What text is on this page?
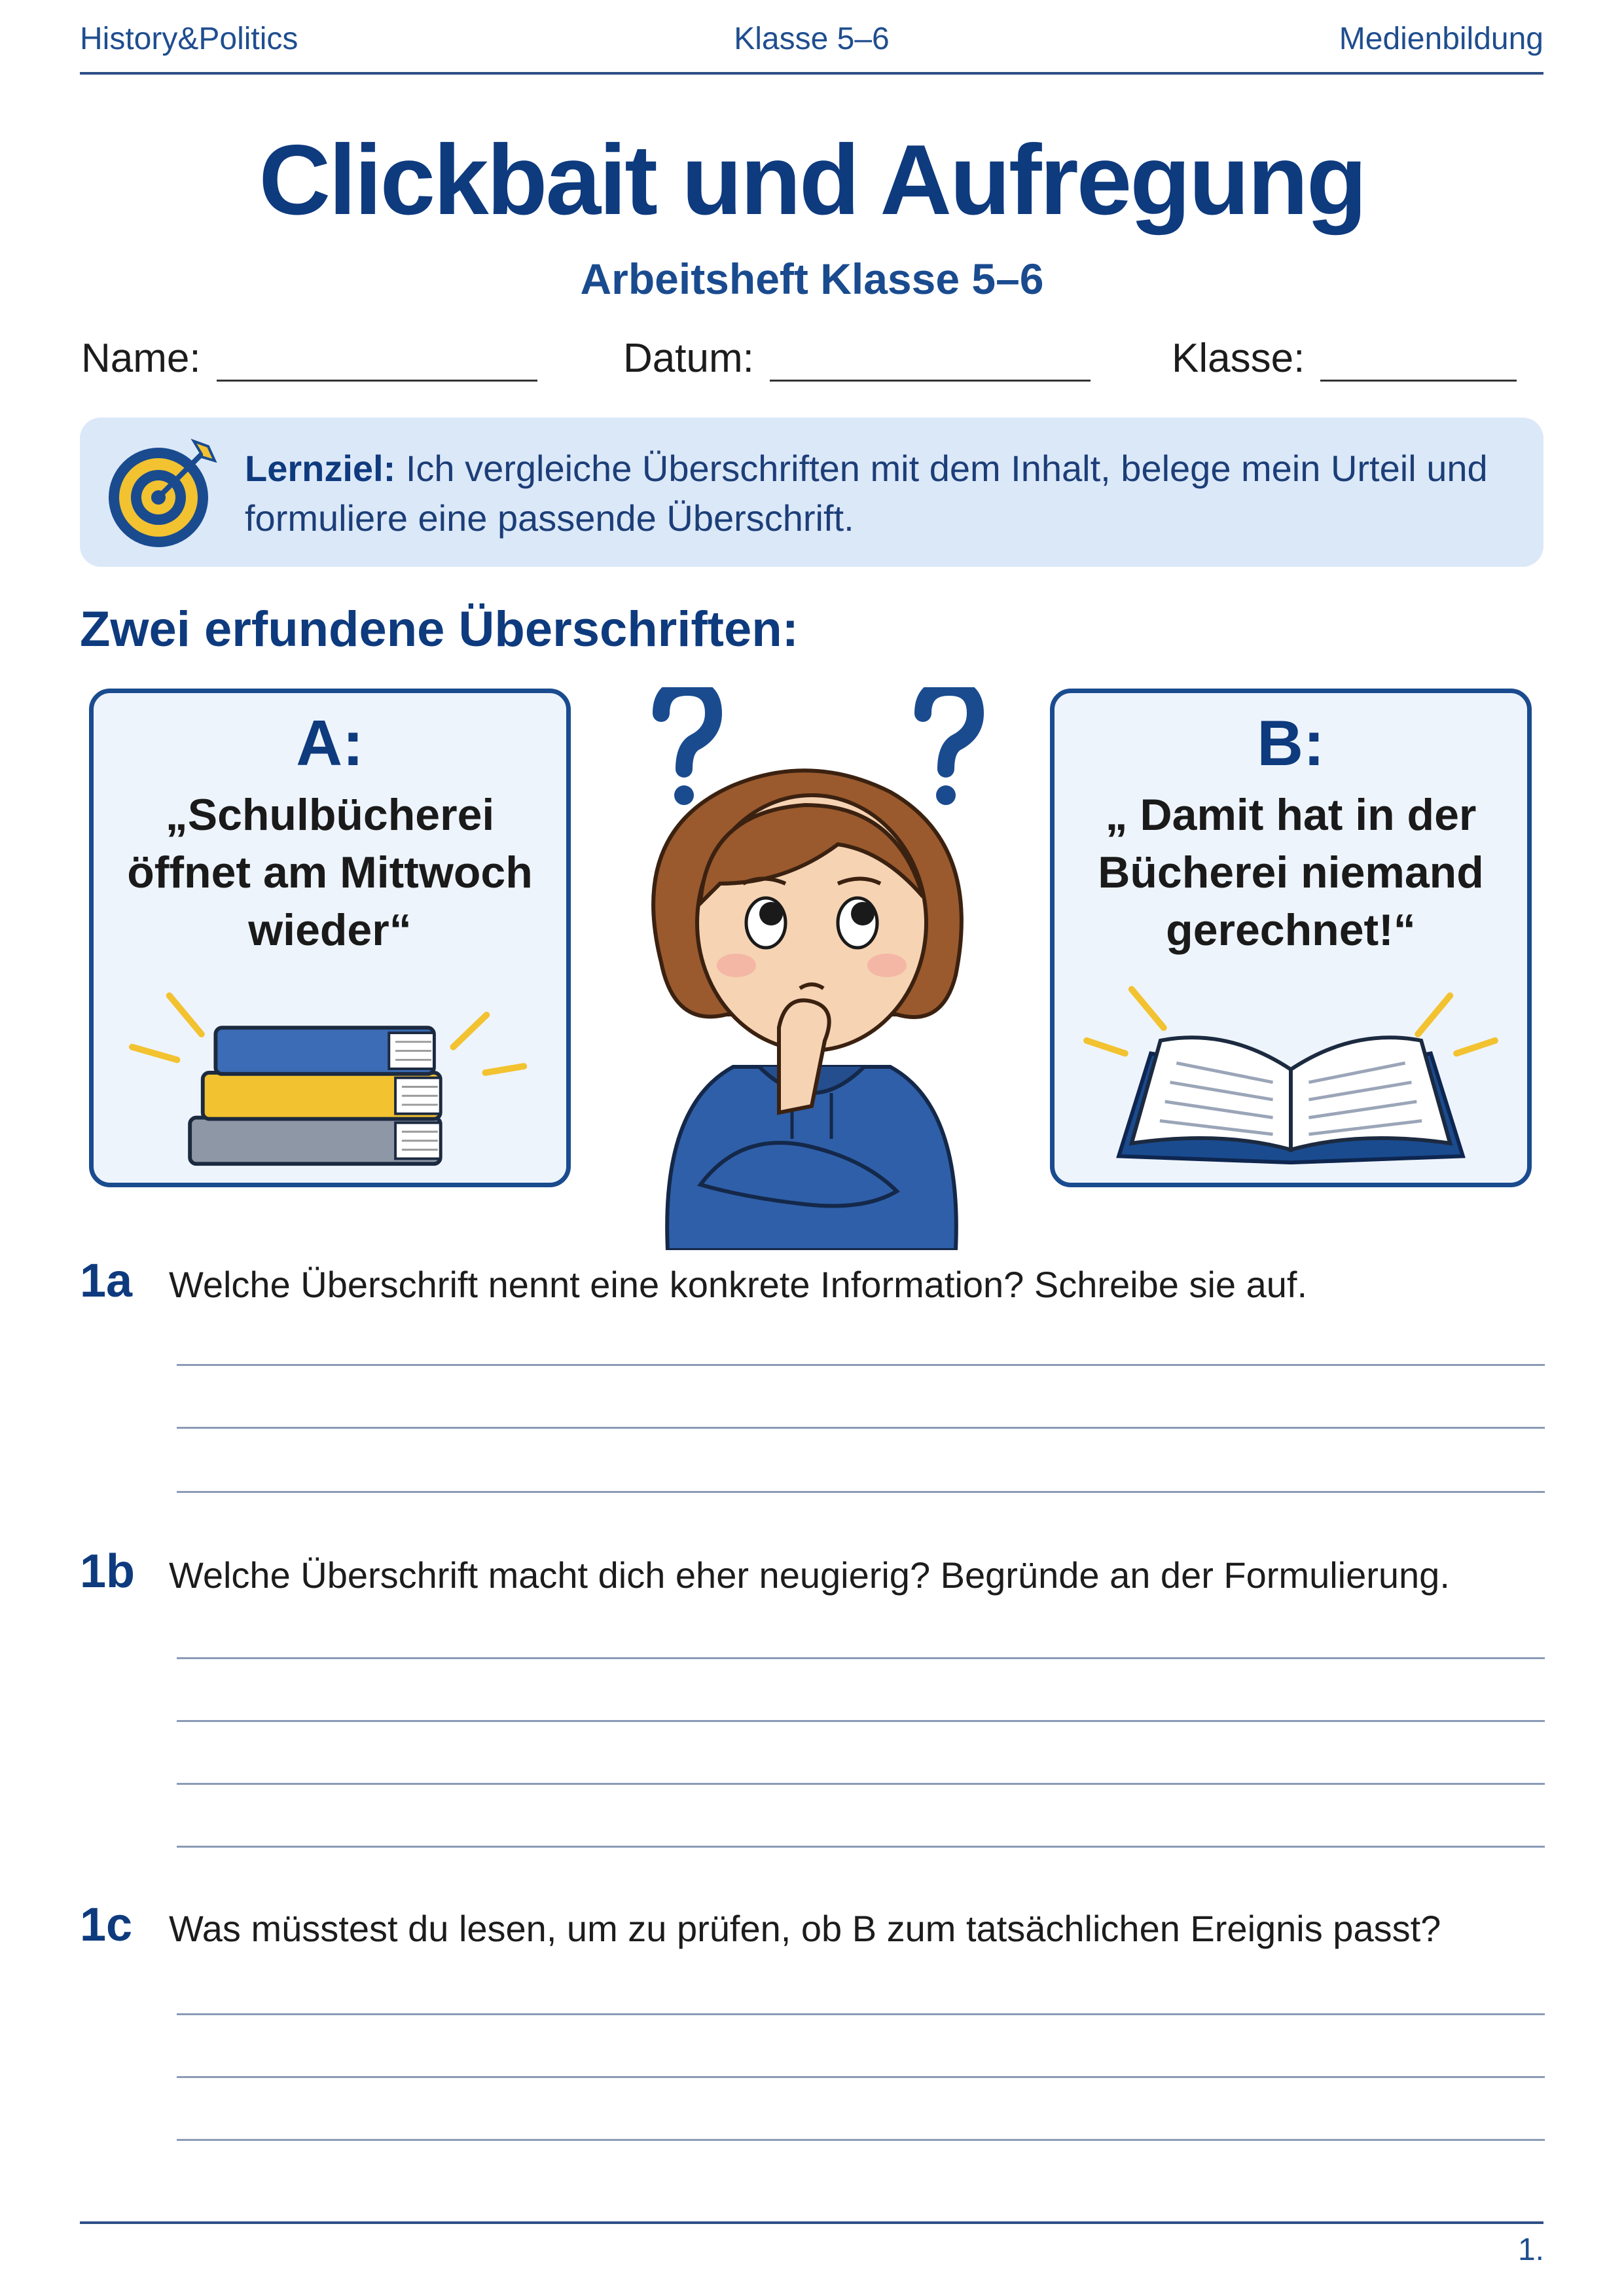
History&Politics	Klasse 5–6	Medienbildung
Clickbait und Aufregung
Arbeitsheft Klasse 5–6
Name:	Datum:	Klasse:
Lernziel: Ich vergleiche Überschriften mit dem Inhalt, belege mein Urteil und formuliere eine passende Überschrift.
Zwei erfundene Überschriften:
A:
„Schulbücherei öffnet am Mittwoch wieder“
B:
„ Damit hat in der Bücherei niemand gerechnet!“
1a Welche Überschrift nennt eine konkrete Information? Schreibe sie auf.
1b Welche Überschrift macht dich eher neugierig? Begründe an der Formulierung.
1c Was müsstest du lesen, um zu prüfen, ob B zum tatsächlichen Ereignis passt?
1.
